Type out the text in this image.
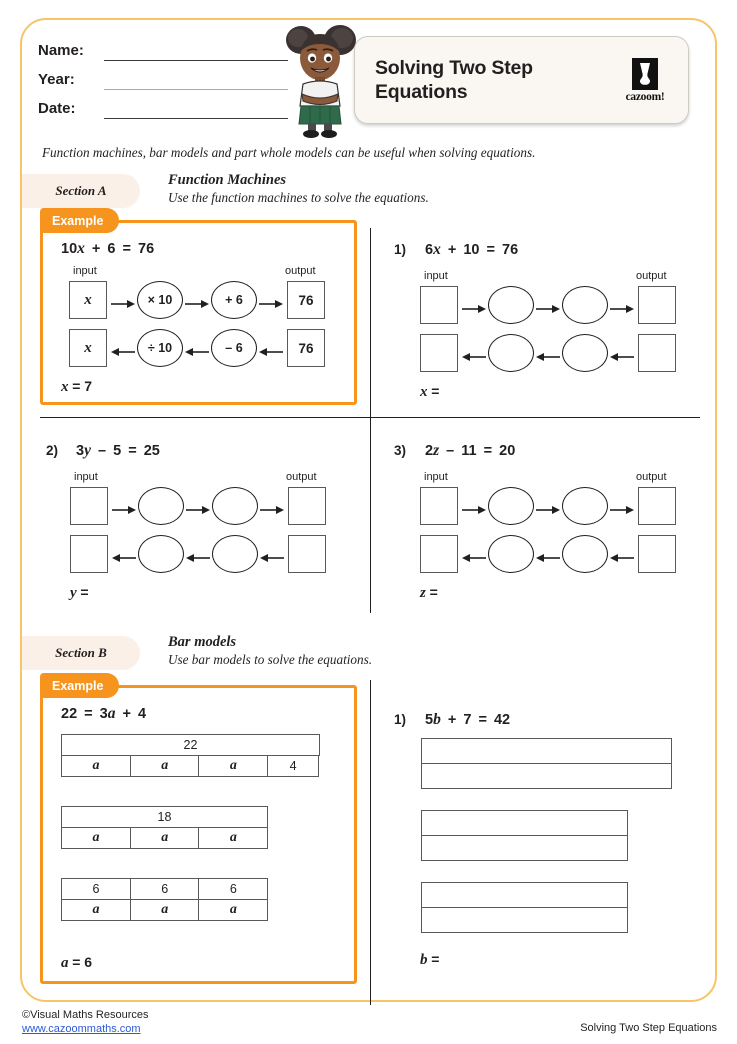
Name:
Year:
Date:
Solving Two Step Equations	cazoom!
Function machines, bar models and part whole models can be useful when solving equations.
Section A
Function Machines
Use the function machines to solve the equations.
Example
10x + 6 = 76
input	output
x	× 10	+ 6	76
x	÷ 10	– 6	76
x = 7
1) 6x + 10 = 76
input	output
x =
2) 3y – 5 = 25
input	output
y =
3) 2z – 11 = 20
input	output
z =
Section B
Bar models
Use bar models to solve the equations.
Example
22 = 3a + 4
22
a	a	a	4
18
a	a	a
6	6	6
a	a	a
a = 6
1) 5b + 7 = 42
b =
©Visual Maths Resources
www.cazoommaths.com	Solving Two Step Equations
